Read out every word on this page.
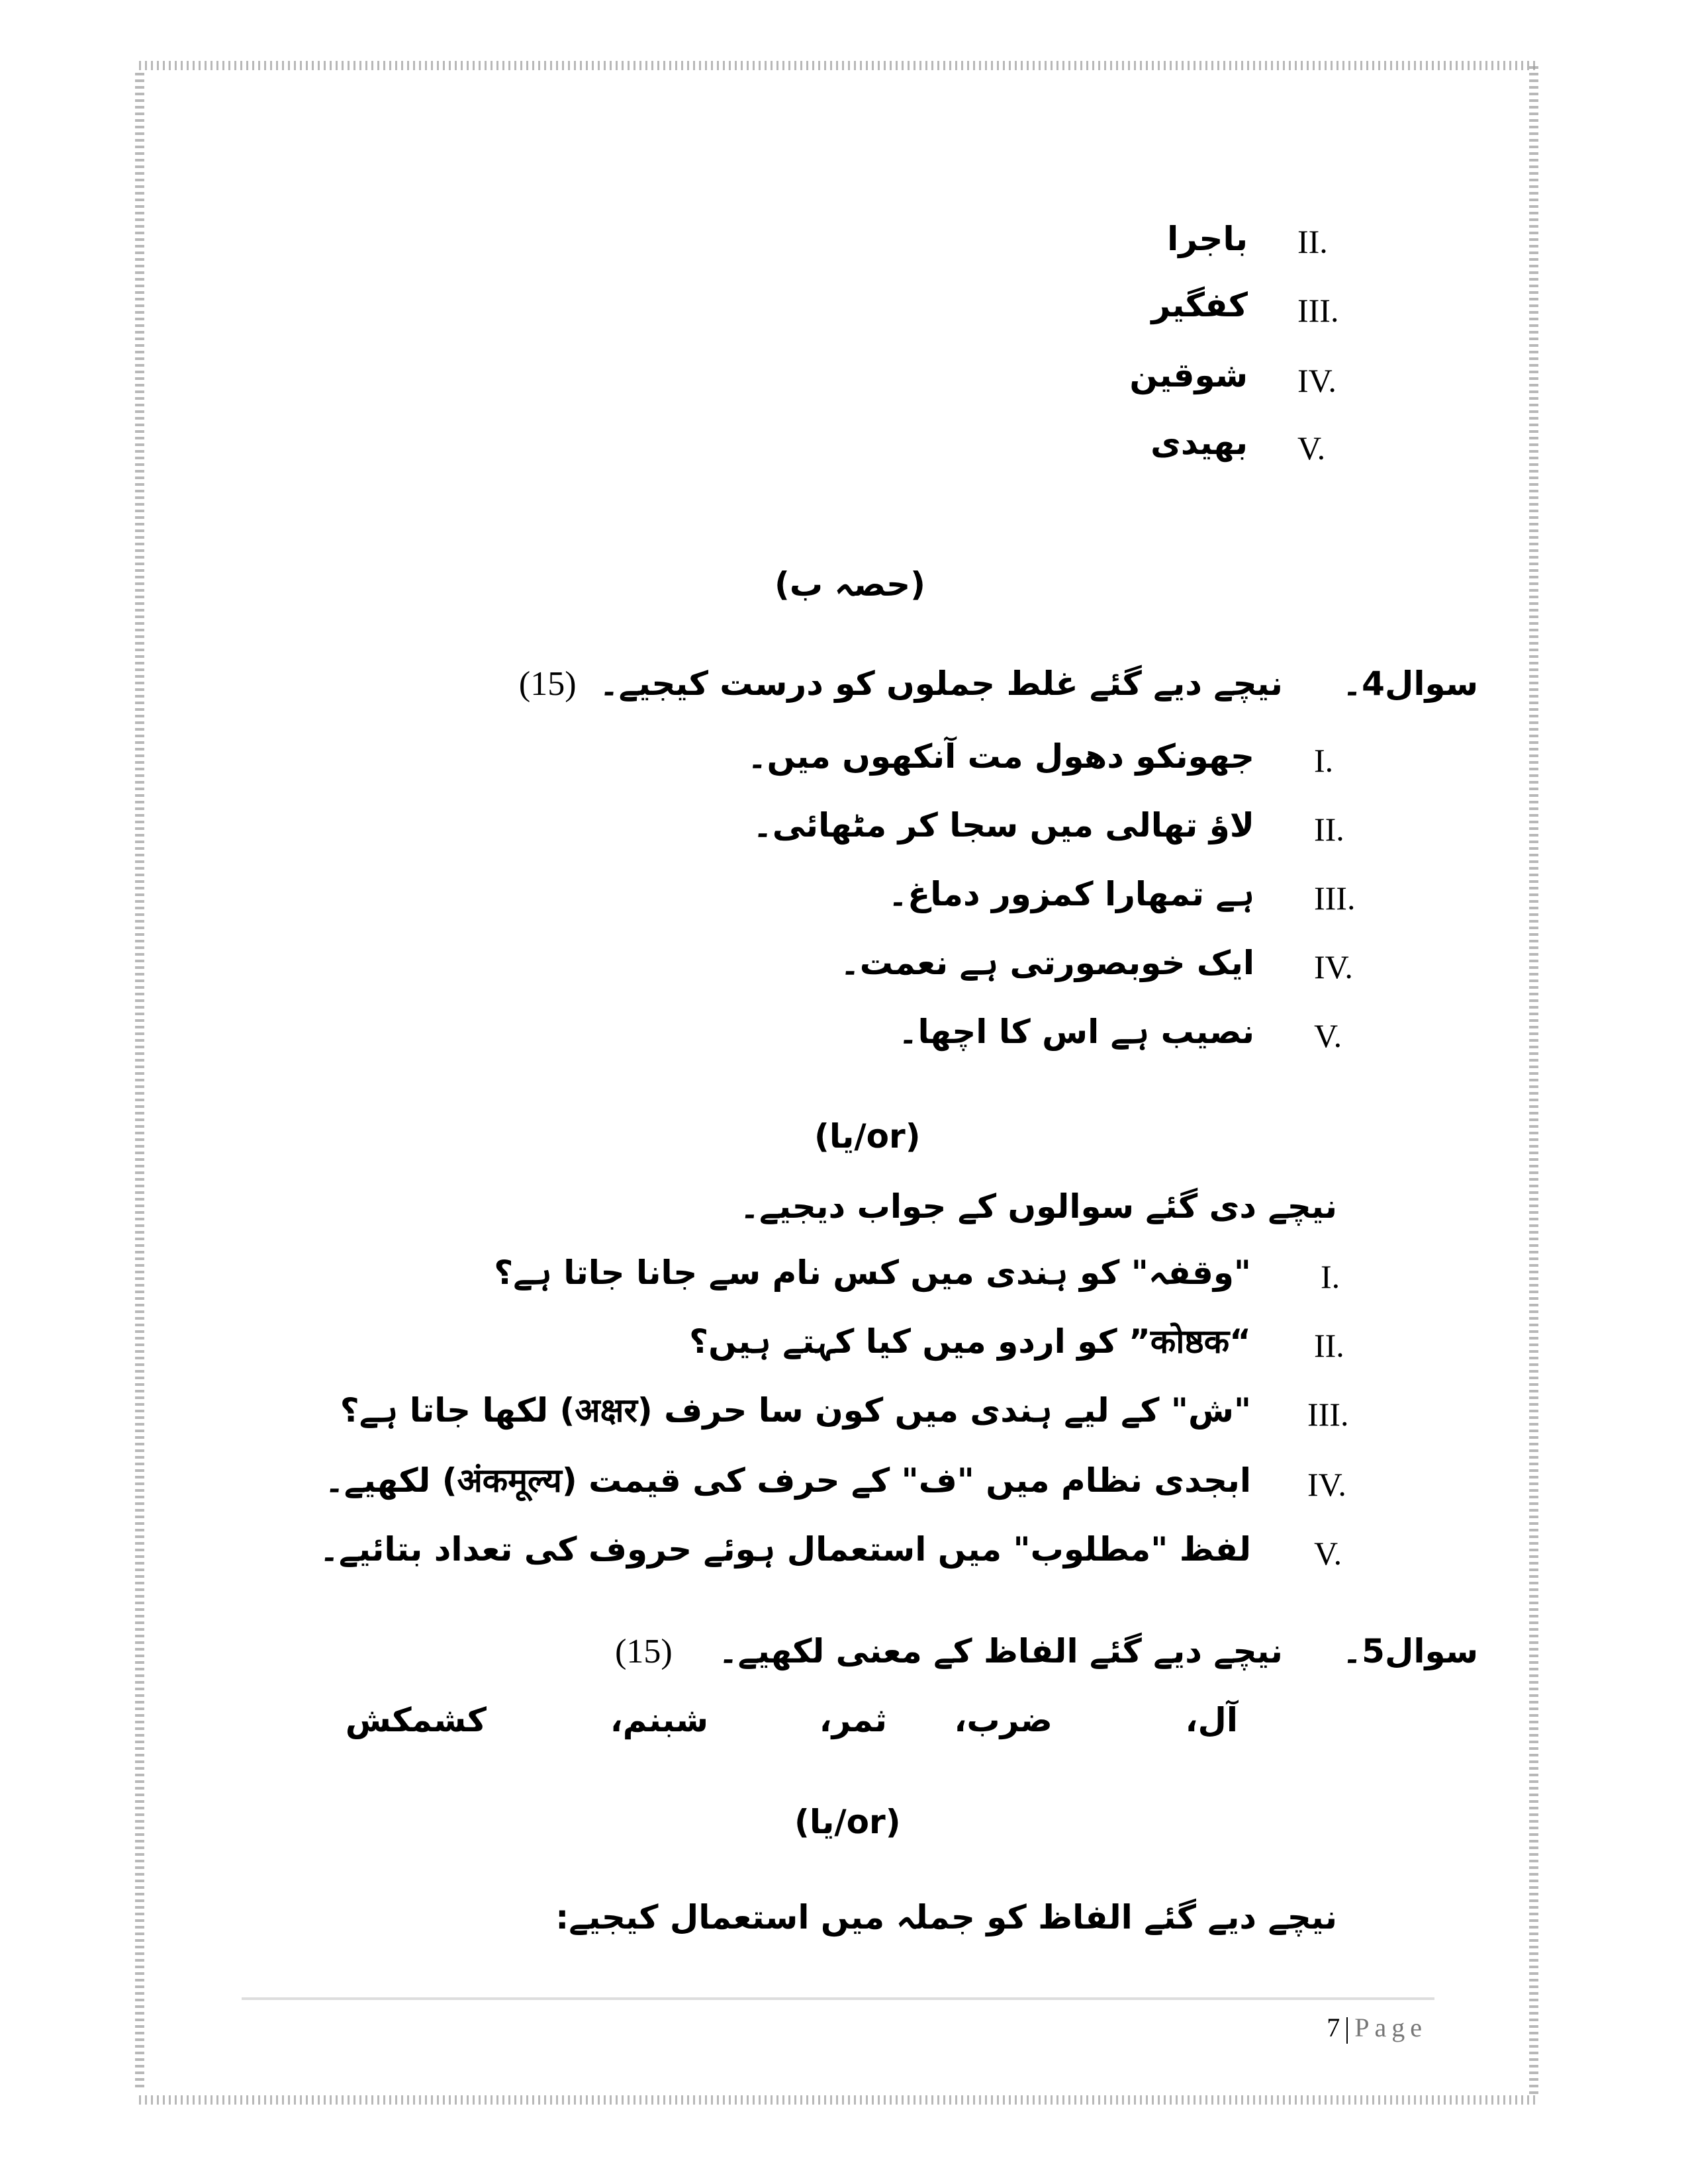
II.
باجرا
III.
کفگیر
IV.
شوقین
V.
بھیدی
(حصہ ب)
سوال4۔نیچے دیے گئے غلط جملوں کو درست کیجیے۔  (15)
I.
جھونکو دھول مت آنکھوں میں۔
II.
لاؤ تھالی میں سجا کر مٹھائی۔
III.
ہے تمھارا کمزور دماغ۔
IV.
ایک خوبصورتی ہے نعمت۔
V.
نصیب ہے اس کا اچھا۔
(or/یا)
نیچے دی گئے سوالوں کے جواب دیجیے۔
I.
"وقفہ" کو ہندی میں کس نام سے جانا جاتا ہے؟
II.
“कोष्ठक” کو اردو میں کیا کہتے ہیں؟
III.
"ش" کے لیے ہندی میں کون سا حرف (अक्षर) لکھا جاتا ہے؟
IV.
ابجدی نظام میں "ف" کے حرف کی قیمت (अंकमूल्य) لکھیے۔
V.
لفظ "مطلوب" میں استعمال ہوئے حروف کی تعداد بتائیے۔
سوال5۔نیچے دیے گئے الفاظ کے معنی لکھیے۔    (15)
آل،
ضرب،
ثمر،
شبنم،
کشمکش
(or/یا)
نیچے دیے گئے الفاظ کو جملہ میں استعمال کیجیے:
7 Page
